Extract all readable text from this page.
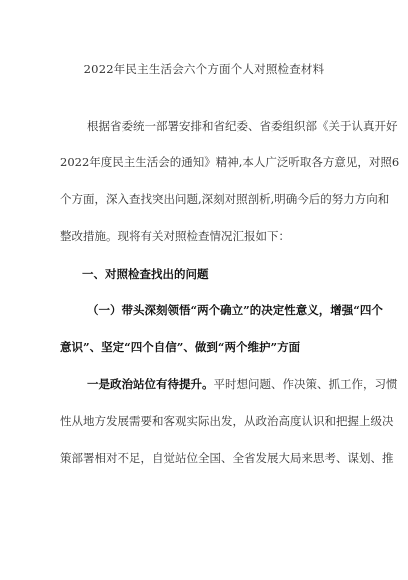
2022年民主生活会六个方面个人对照检查材料
根据省委统一部署安排和省纪委、省委组织部《关于认真开好
2022年度民主生活会的通知》精神,本人广泛听取各方意见，对照6
个方面，深入查找突出问题,深刻对照剖析,明确今后的努力方向和
整改措施。现将有关对照检查情况汇报如下：
一、对照检查找出的问题
（一）带头深刻领悟“两个确立”的决定性意义，增强“四个
意识”、坚定“四个自信”、做到“两个维护”方面
一是政治站位有待提升。平时想问题、作决策、抓工作，习惯
性从地方发展需要和客观实际出发，从政治高度认识和把握上级决
策部署相对不足，自觉站位全国、全省发展大局来思考、谋划、推
